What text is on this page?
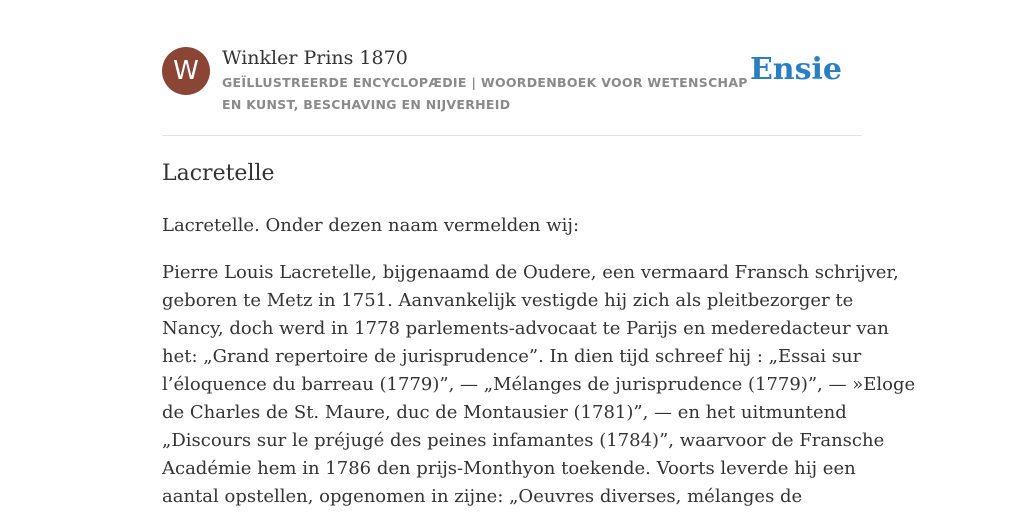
W	Winkler Prins 1870
GEÏLLUSTREERDE ENCYCLOPÆDIE | WOORDENBOEK VOOR WETENSCHAP EN KUNST, BESCHAVING EN NIJVERHEID
Ensie
Lacretelle

Lacretelle. Onder dezen naam vermelden wij:

Pierre Louis Lacretelle, bijgenaamd de Oudere, een vermaard Fransch schrijver,
geboren te Metz in 1751. Aanvankelijk vestigde hij zich als pleitbezorger te
Nancy, doch werd in 1778 parlements-advocaat te Parijs en mederedacteur van
het: „Grand repertoire de jurisprudence”. In dien tijd schreef hij : „Essai sur
l’éloquence du barreau (1779)”, — „Mélanges de jurisprudence (1779)”, — »Eloge
de Charles de St. Maure, duc de Montausier (1781)”, — en het uitmuntend
„Discours sur le préjugé des peines infamantes (1784)”, waarvoor de Fransche
Académie hem in 1786 den prijs-Monthyon toekende. Voorts leverde hij een
aantal opstellen, opgenomen in zijne: „Oeuvres diverses, mélanges de
